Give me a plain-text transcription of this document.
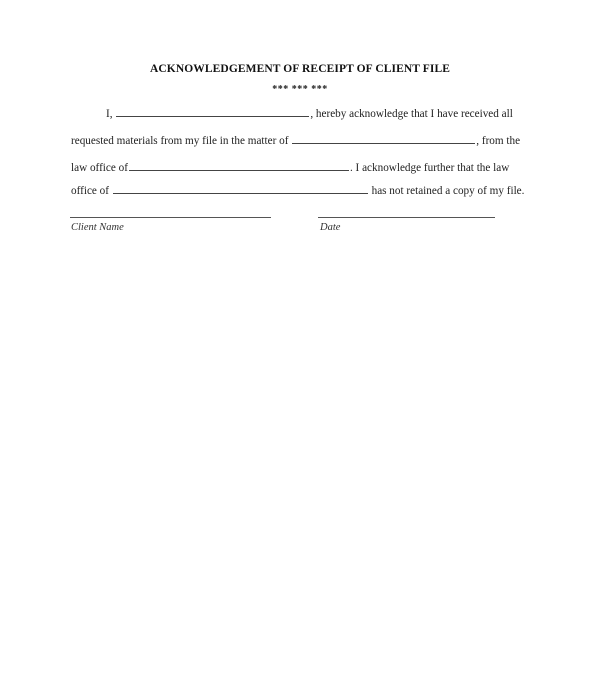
ACKNOWLEDGEMENT OF RECEIPT OF CLIENT FILE
*** *** ***
I,	, hereby acknowledge that I have received all
requested materials from my file in the matter of	, from the
law office of	. I acknowledge further that the law
office of	has not retained a copy of my file.
Client Name	Date
